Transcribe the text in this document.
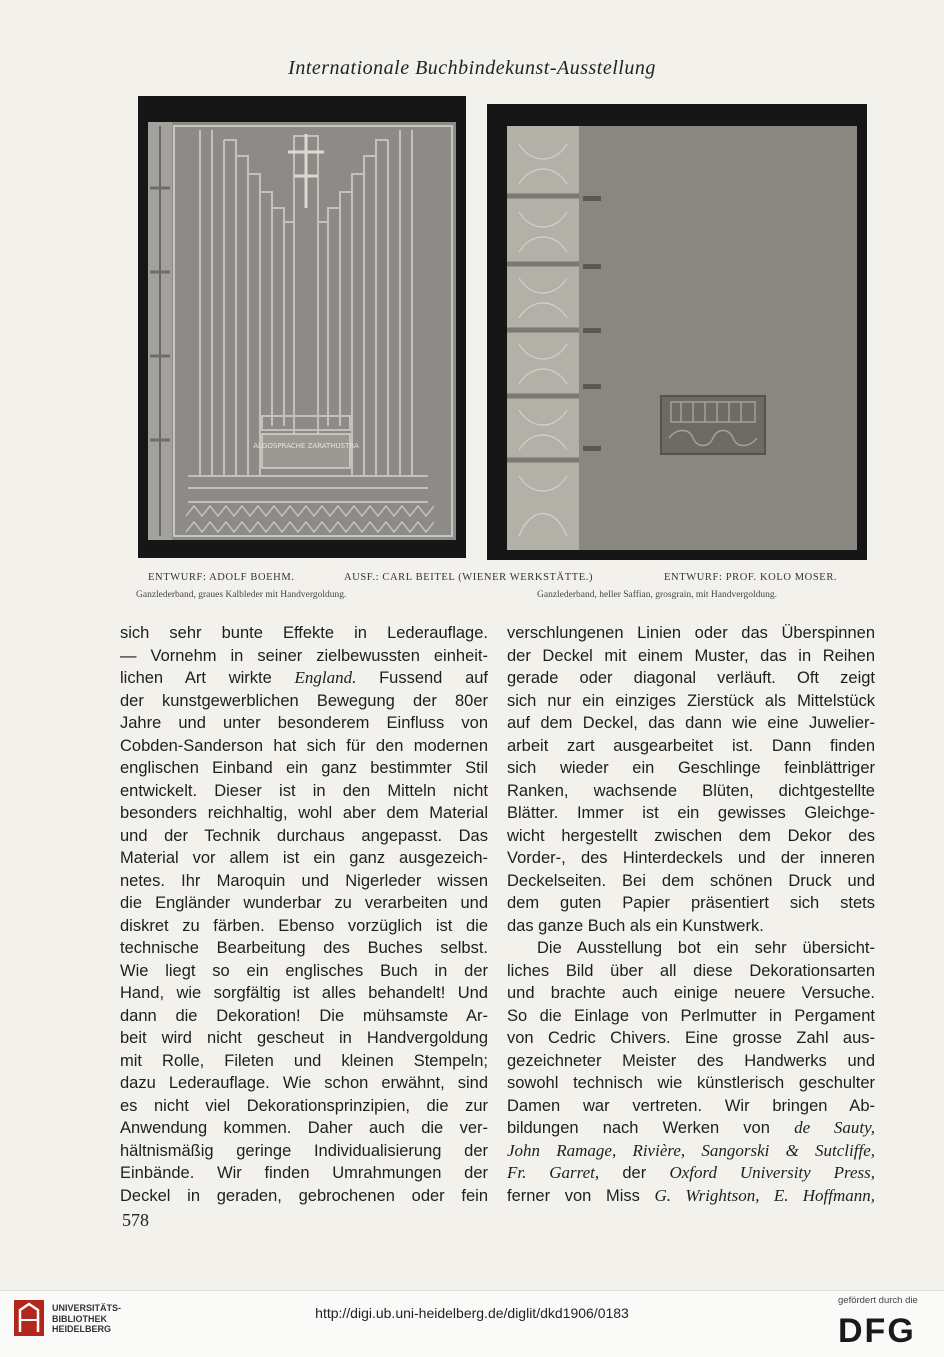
Internationale Buchbindekunst-Ausstellung
ALGOSPRACHE ZARATHUSTRA
ENTWURF: ADOLF BOEHM.	AUSF.: CARL BEITEL (WIENER WERKSTÄTTE.)	ENTWURF: PROF. KOLO MOSER.
Ganzlederband, graues Kalbleder mit Handvergoldung.	Ganzlederband, heller Saffian, grosgrain, mit Handvergoldung.

sich sehr bunte Effekte in Lederauflage.

— Vornehm in seiner zielbewussten einheit-

lichen Art wirkte England. Fussend auf

der kunstgewerblichen Bewegung der 80er

Jahre und unter besonderem Einfluss von

Cobden-Sanderson hat sich für den modernen

englischen Einband ein ganz bestimmter Stil

entwickelt. Dieser ist in den Mitteln nicht

besonders reichhaltig, wohl aber dem Material

und der Technik durchaus angepasst. Das

Material vor allem ist ein ganz ausgezeich-

netes. Ihr Maroquin und Nigerleder wissen

die Engländer wunderbar zu verarbeiten und

diskret zu färben. Ebenso vorzüglich ist die

technische Bearbeitung des Buches selbst.

Wie liegt so ein englisches Buch in der

Hand, wie sorgfältig ist alles behandelt! Und

dann die Dekoration! Die mühsamste Ar-

beit wird nicht gescheut in Handvergoldung

mit Rolle, Fileten und kleinen Stempeln;

dazu Lederauflage. Wie schon erwähnt, sind

es nicht viel Dekorationsprinzipien, die zur

Anwendung kommen. Daher auch die ver-

hältnismäßig geringe Individualisierung der

Einbände. Wir finden Umrahmungen der

Deckel in geraden, gebrochenen oder fein

verschlungenen Linien oder das Überspinnen

der Deckel mit einem Muster, das in Reihen

gerade oder diagonal verläuft. Oft zeigt

sich nur ein einziges Zierstück als Mittelstück

auf dem Deckel, das dann wie eine Juwelier-

arbeit zart ausgearbeitet ist. Dann finden

sich wieder ein Geschlinge feinblättriger

Ranken, wachsende Blüten, dichtgestellte

Blätter. Immer ist ein gewisses Gleichge-

wicht hergestellt zwischen dem Dekor des

Vorder-, des Hinterdeckels und der inneren

Deckelseiten. Bei dem schönen Druck und

dem guten Papier präsentiert sich stets

das ganze Buch als ein Kunstwerk.

Die Ausstellung bot ein sehr übersicht-

liches Bild über all diese Dekorationsarten

und brachte auch einige neuere Versuche.

So die Einlage von Perlmutter in Pergament

von Cedric Chivers. Eine grosse Zahl aus-

gezeichneter Meister des Handwerks und

sowohl technisch wie künstlerisch geschulter

Damen war vertreten. Wir bringen Ab-

bildungen nach Werken von de Sauty,

John Ramage, Rivière, Sangorski & Sutcliffe,

Fr. Garret, der Oxford University Press,

ferner von Miss G. Wrightson, E. Hoffmann,

578
UNIVERSITÄTS-
BIBLIOTHEK
HEIDELBERG
http://digi.ub.uni-heidelberg.de/diglit/dkd1906/0183
gefördert durch die
DFG
